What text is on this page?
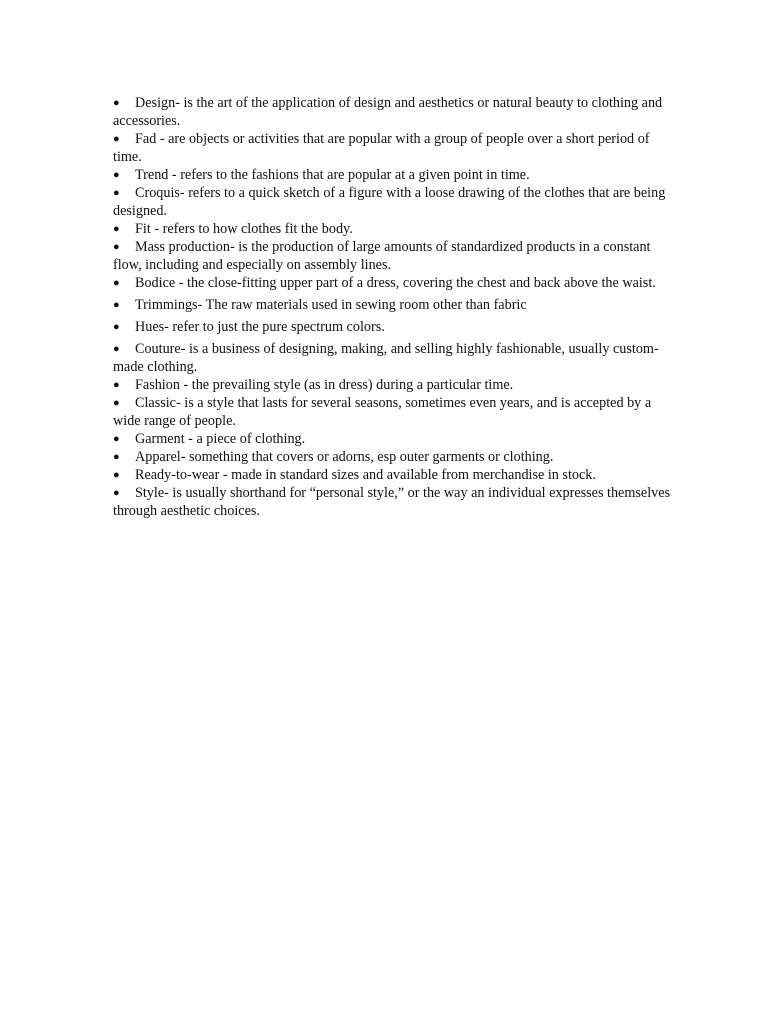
● Design- is the art of the application of design and aesthetics or natural beauty to clothing and accessories.

● Fad - are objects or activities that are popular with a group of people over a short period of time.

● Trend - refers to the fashions that are popular at a given point in time.

● Croquis- refers to a quick sketch of a figure with a loose drawing of the clothes that are being designed.

● Fit - refers to how clothes fit the body.

● Mass production- is the production of large amounts of standardized products in a constant flow, including and especially on assembly lines.

● Bodice - the close-fitting upper part of a dress, covering the chest and back above the waist.

● Trimmings- The raw materials used in sewing room other than fabric

● Hues- refer to just the pure spectrum colors.

● Couture- is a business of designing, making, and selling highly fashionable, usually custom-made clothing.

● Fashion - the prevailing style (as in dress) during a particular time.

● Classic- is a style that lasts for several seasons, sometimes even years, and is accepted by a wide range of people.

● Garment - a piece of clothing.

● Apparel- something that covers or adorns, esp outer garments or clothing.

● Ready-to-wear - made in standard sizes and available from merchandise in stock.

● Style- is usually shorthand for “personal style,” or the way an individual expresses themselves through aesthetic choices.
